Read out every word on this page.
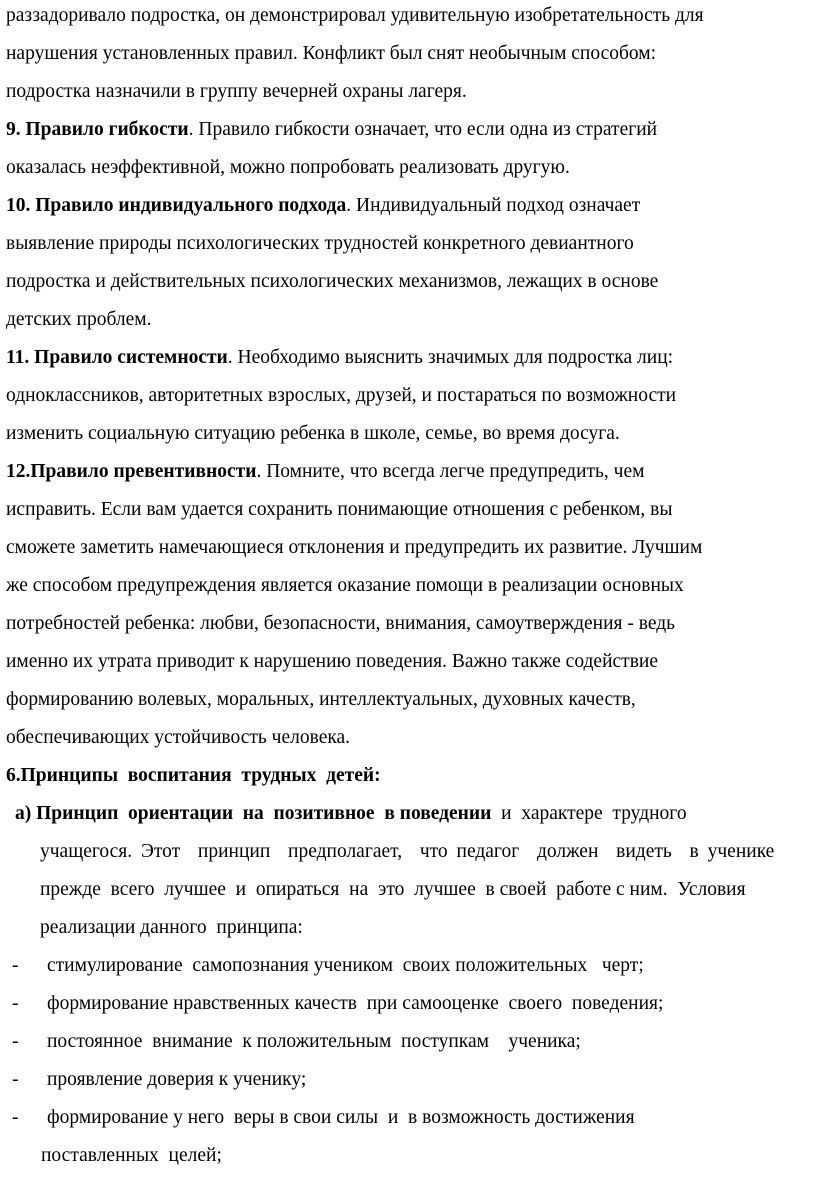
раззадоривало подростка, он демонстрировал удивительную изобретательность для
нарушения установленных правил. Конфликт был снят необычным способом:
подростка назначили в группу вечерней охраны лагеря.
9. Правило гибкости. Правило гибкости означает, что если одна из стратегий
оказалась неэффективной, можно попробовать реализовать другую.
10. Правило индивидуального подхода. Индивидуальный подход означает
выявление природы психологических трудностей конкретного девиантного
подростка и действительных психологических механизмов, лежащих в основе
детских проблем.
11. Правило системности. Необходимо выяснить значимых для подростка лиц:
одноклассников, авторитетных взрослых, друзей, и постараться по возможности
изменить социальную ситуацию ребенка в школе, семье, во время досуга.
12.Правило превентивности. Помните, что всегда легче предупредить, чем
исправить. Если вам удается сохранить понимающие отношения с ребенком, вы
сможете заметить намечающиеся отклонения и предупредить их развитие. Лучшим
же способом предупреждения является оказание помощи в реализации основных
потребностей ребенка: любви, безопасности, внимания, самоутверждения - ведь
именно их утрата приводит к нарушению поведения. Важно также содействие
формированию волевых, моральных, интеллектуальных, духовных качеств,
обеспечивающих устойчивость человека.
6.Принципы  воспитания  трудных  детей:
а) Принцип  ориентации  на  позитивное  в поведении  и  характере  трудного
учащегося. Этот  принцип  предполагает,  что педагог  должен  видеть  в ученике
прежде  всего  лучшее  и  опираться  на  это  лучшее  в своей  работе с ним.  Условия
реализации данного  принципа:
- стимулирование  самопознания учеником  своих положительных   черт;
- формирование нравственных качеств  при самооценке  своего  поведения;
- постоянное  внимание  к положительным  поступкам    ученика;
- проявление доверия к ученику;
- формирование у него  веры в свои силы  и  в возможность достижения
поставленных  целей;
